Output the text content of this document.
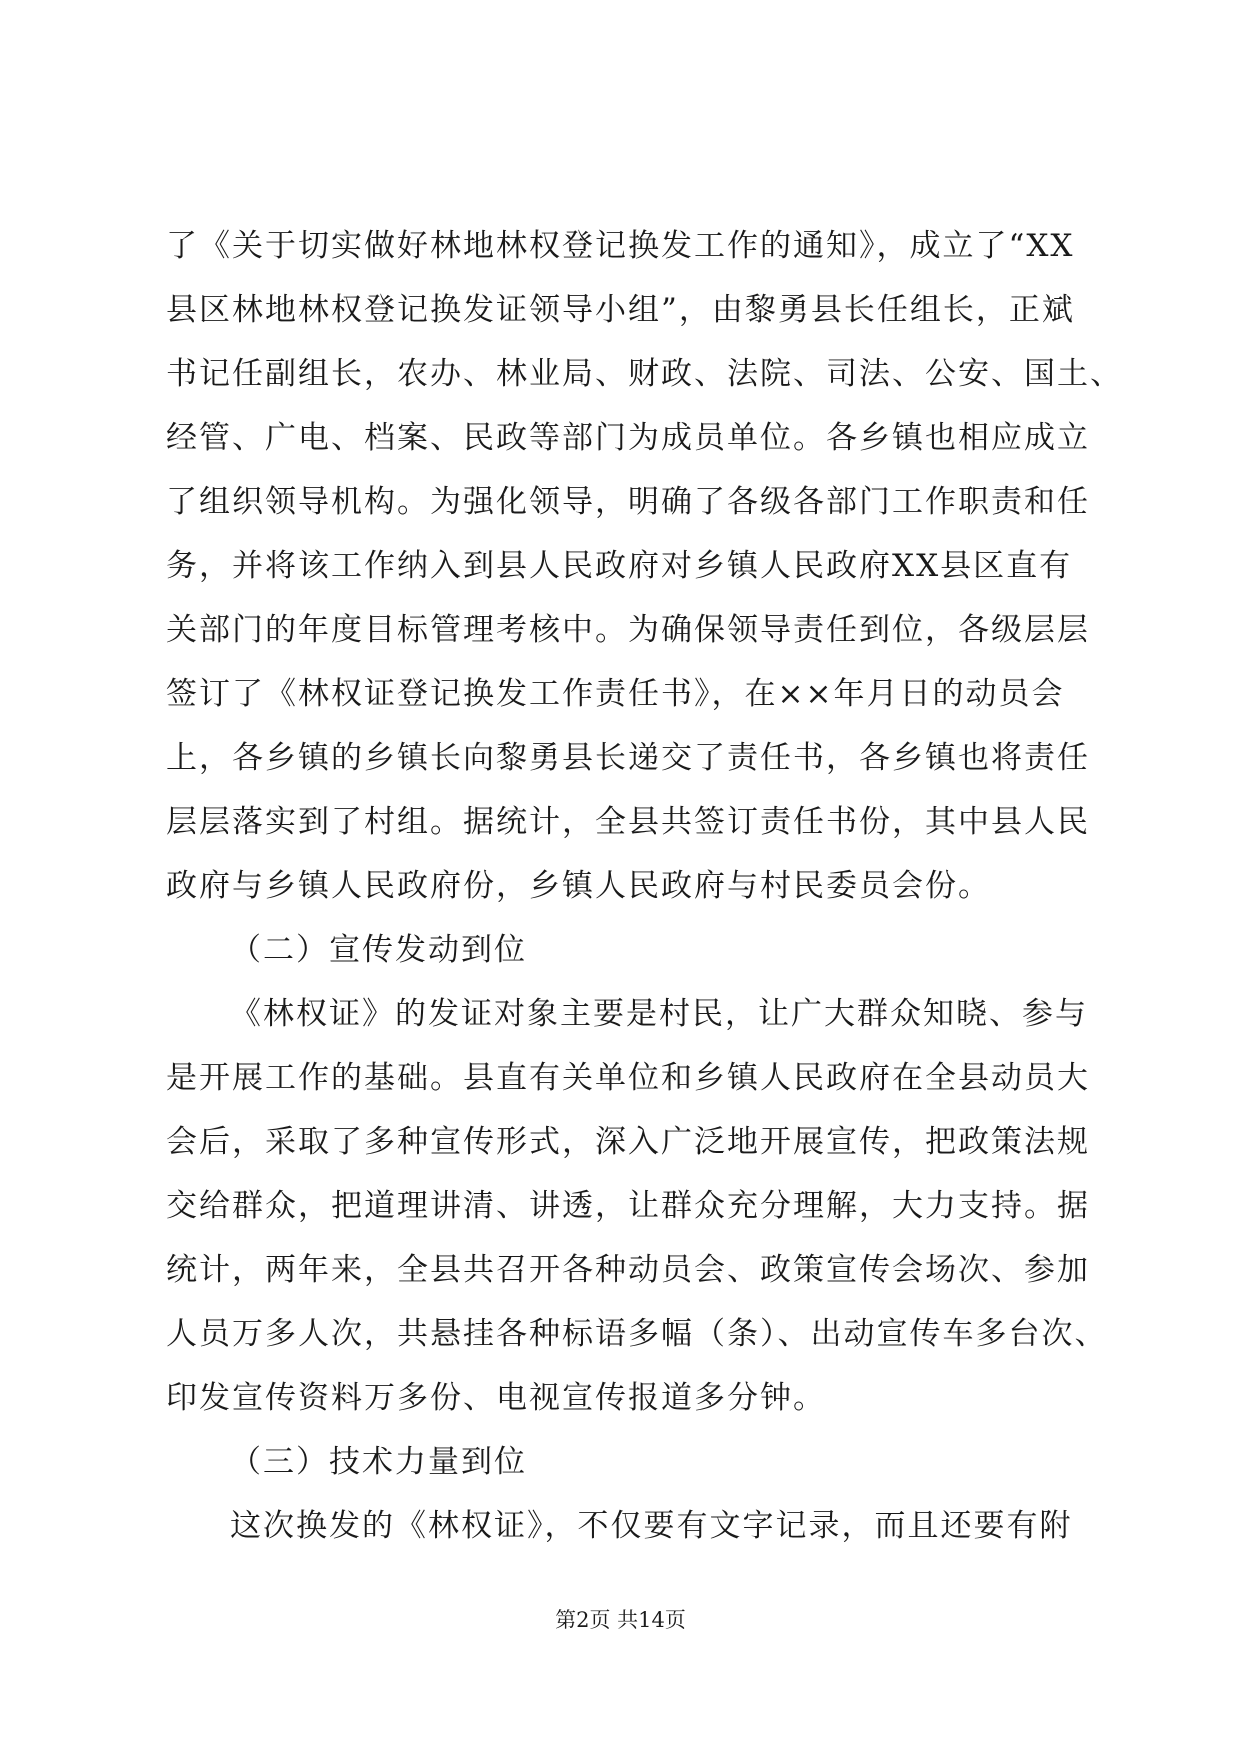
了《关于切实做好林地林权登记换发工作的通知》，成立了“XX
县区林地林权登记换发证领导小组”，由黎勇县长任组长，正斌
书记任副组长，农办、林业局、财政、法院、司法、公安、国土、
经管、广电、档案、民政等部门为成员单位。各乡镇也相应成立
了组织领导机构。为强化领导，明确了各级各部门工作职责和任
务，并将该工作纳入到县人民政府对乡镇人民政府XX县区直有
关部门的年度目标管理考核中。为确保领导责任到位，各级层层
签订了《林权证登记换发工作责任书》，在××年月日的动员会
上，各乡镇的乡镇长向黎勇县长递交了责任书，各乡镇也将责任
层层落实到了村组。据统计，全县共签订责任书份，其中县人民
政府与乡镇人民政府份，乡镇人民政府与村民委员会份。
（二）宣传发动到位
《林权证》的发证对象主要是村民，让广大群众知晓、参与
是开展工作的基础。县直有关单位和乡镇人民政府在全县动员大
会后，采取了多种宣传形式，深入广泛地开展宣传，把政策法规
交给群众，把道理讲清、讲透，让群众充分理解，大力支持。据
统计，两年来，全县共召开各种动员会、政策宣传会场次、参加
人员万多人次，共悬挂各种标语多幅（条）、出动宣传车多台次、
印发宣传资料万多份、电视宣传报道多分钟。
（三）技术力量到位
这次换发的《林权证》，不仅要有文字记录，而且还要有附
第2页 共14页
